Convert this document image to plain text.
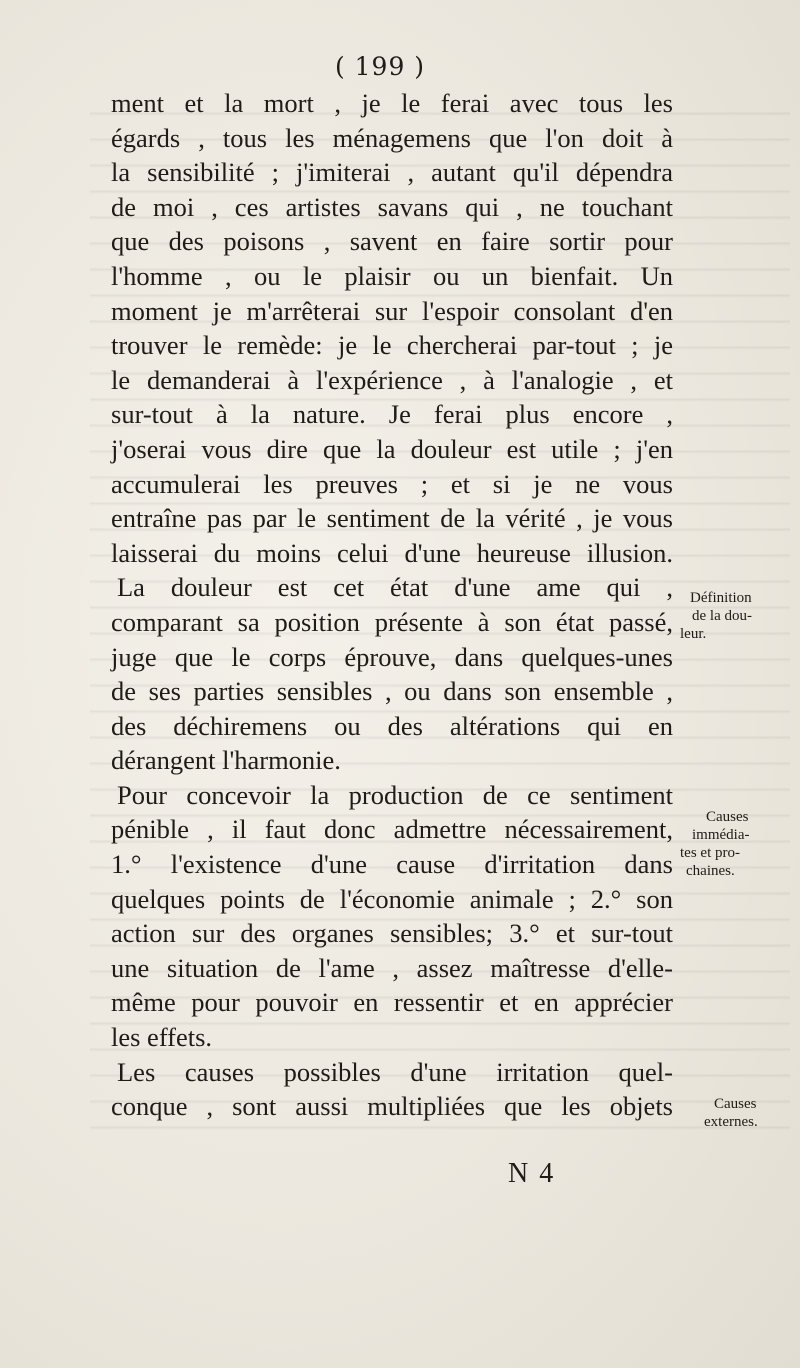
( 199 )
ment et la mort , je le ferai avec tous les
égards , tous les ménagemens que l'on doit à
la sensibilité ; j'imiterai , autant qu'il dépendra
de moi , ces artistes savans qui , ne touchant
que des poisons , savent en faire sortir pour
l'homme , ou le plaisir ou un bienfait. Un
moment je m'arrêterai sur l'espoir consolant d'en
trouver le remède: je le chercherai par-tout ; je
le demanderai à l'expérience , à l'analogie , et
sur-tout à la nature. Je ferai plus encore ,
j'oserai vous dire que la douleur est utile ; j'en
accumulerai les preuves ; et si je ne vous
entraîne pas par le sentiment de la vérité , je vous
laisserai du moins celui d'une heureuse illusion.
La douleur est cet état d'une ame qui ,
comparant sa position présente à son état passé,
juge que le corps éprouve, dans quelques-unes
de ses parties sensibles , ou dans son ensemble ,
des déchiremens ou des altérations qui en
dérangent l'harmonie.
Pour concevoir la production de ce sentiment
pénible , il faut donc admettre nécessairement,
1.° l'existence d'une cause d'irritation dans
quelques points de l'économie animale ; 2.° son
action sur des organes sensibles; 3.° et sur-tout
une situation de l'ame , assez maîtresse d'elle-
même pour pouvoir en ressentir et en apprécier
les effets.
Les causes possibles d'une irritation quel-
conque , sont aussi multipliées que les objets
Définition
de la dou-
leur.
Causes
immédia-
tes et pro-
chaines.
Causes
externes.
N 4
